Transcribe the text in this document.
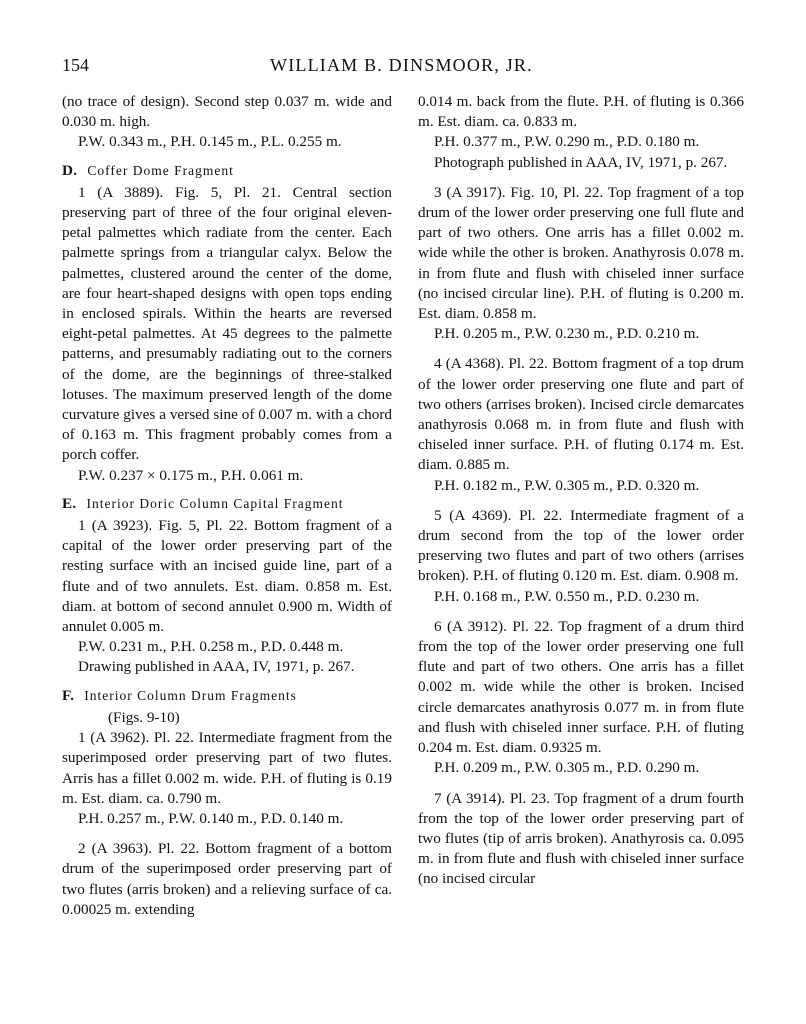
154	WILLIAM B. DINSMOOR, JR.

(no trace of design). Second step 0.037 m. wide and 0.030 m. high.

P.W. 0.343 m., P.H. 0.145 m., P.L. 0.255 m.

D. Coffer Dome Fragment

1 (A 3889). Fig. 5, Pl. 21. Central section preserving part of three of the four original eleven-petal palmettes which radiate from the center. Each palmette springs from a triangular calyx. Below the palmettes, clustered around the center of the dome, are four heart-shaped designs with open tops ending in enclosed spirals. Within the hearts are reversed eight-petal palmettes. At 45 degrees to the palmette patterns, and presumably radiating out to the corners of the dome, are the beginnings of three-stalked lotuses. The maximum preserved length of the dome curvature gives a versed sine of 0.007 m. with a chord of 0.163 m. This fragment probably comes from a porch coffer.

P.W. 0.237 × 0.175 m., P.H. 0.061 m.

E. Interior Doric Column Capital Fragment

1 (A 3923). Fig. 5, Pl. 22. Bottom fragment of a capital of the lower order preserving part of the resting surface with an incised guide line, part of a flute and of two annulets. Est. diam. 0.858 m. Est. diam. at bottom of second annulet 0.900 m. Width of annulet 0.005 m.

P.W. 0.231 m., P.H. 0.258 m., P.D. 0.448 m.

Drawing published in AAA, IV, 1971, p. 267.

F. Interior Column Drum Fragments

(Figs. 9-10)

1 (A 3962). Pl. 22. Intermediate fragment from the superimposed order preserving part of two flutes. Arris has a fillet 0.002 m. wide. P.H. of fluting is 0.19 m. Est. diam. ca. 0.790 m.

P.H. 0.257 m., P.W. 0.140 m., P.D. 0.140 m.

2 (A 3963). Pl. 22. Bottom fragment of a bottom drum of the superimposed order preserving part of two flutes (arris broken) and a relieving surface of ca. 0.00025 m. extending

0.014 m. back from the flute. P.H. of fluting is 0.366 m. Est. diam. ca. 0.833 m.

P.H. 0.377 m., P.W. 0.290 m., P.D. 0.180 m.

Photograph published in AAA, IV, 1971, p. 267.

3 (A 3917). Fig. 10, Pl. 22. Top fragment of a top drum of the lower order preserving one full flute and part of two others. One arris has a fillet 0.002 m. wide while the other is broken. Anathyrosis 0.078 m. in from flute and flush with chiseled inner surface (no incised circular line). P.H. of fluting is 0.200 m. Est. diam. 0.858 m.

P.H. 0.205 m., P.W. 0.230 m., P.D. 0.210 m.

4 (A 4368). Pl. 22. Bottom fragment of a top drum of the lower order preserving one flute and part of two others (arrises broken). Incised circle demarcates anathyrosis 0.068 m. in from flute and flush with chiseled inner surface. P.H. of fluting 0.174 m. Est. diam. 0.885 m.

P.H. 0.182 m., P.W. 0.305 m., P.D. 0.320 m.

5 (A 4369). Pl. 22. Intermediate fragment of a drum second from the top of the lower order preserving two flutes and part of two others (arrises broken). P.H. of fluting 0.120 m. Est. diam. 0.908 m.

P.H. 0.168 m., P.W. 0.550 m., P.D. 0.230 m.

6 (A 3912). Pl. 22. Top fragment of a drum third from the top of the lower order preserving one full flute and part of two others. One arris has a fillet 0.002 m. wide while the other is broken. Incised circle demarcates anathyrosis 0.077 m. in from flute and flush with chiseled inner surface. P.H. of fluting 0.204 m. Est. diam. 0.9325 m.

P.H. 0.209 m., P.W. 0.305 m., P.D. 0.290 m.

7 (A 3914). Pl. 23. Top fragment of a drum fourth from the top of the lower order preserving part of two flutes (tip of arris broken). Anathyrosis ca. 0.095 m. in from flute and flush with chiseled inner surface (no incised circular
